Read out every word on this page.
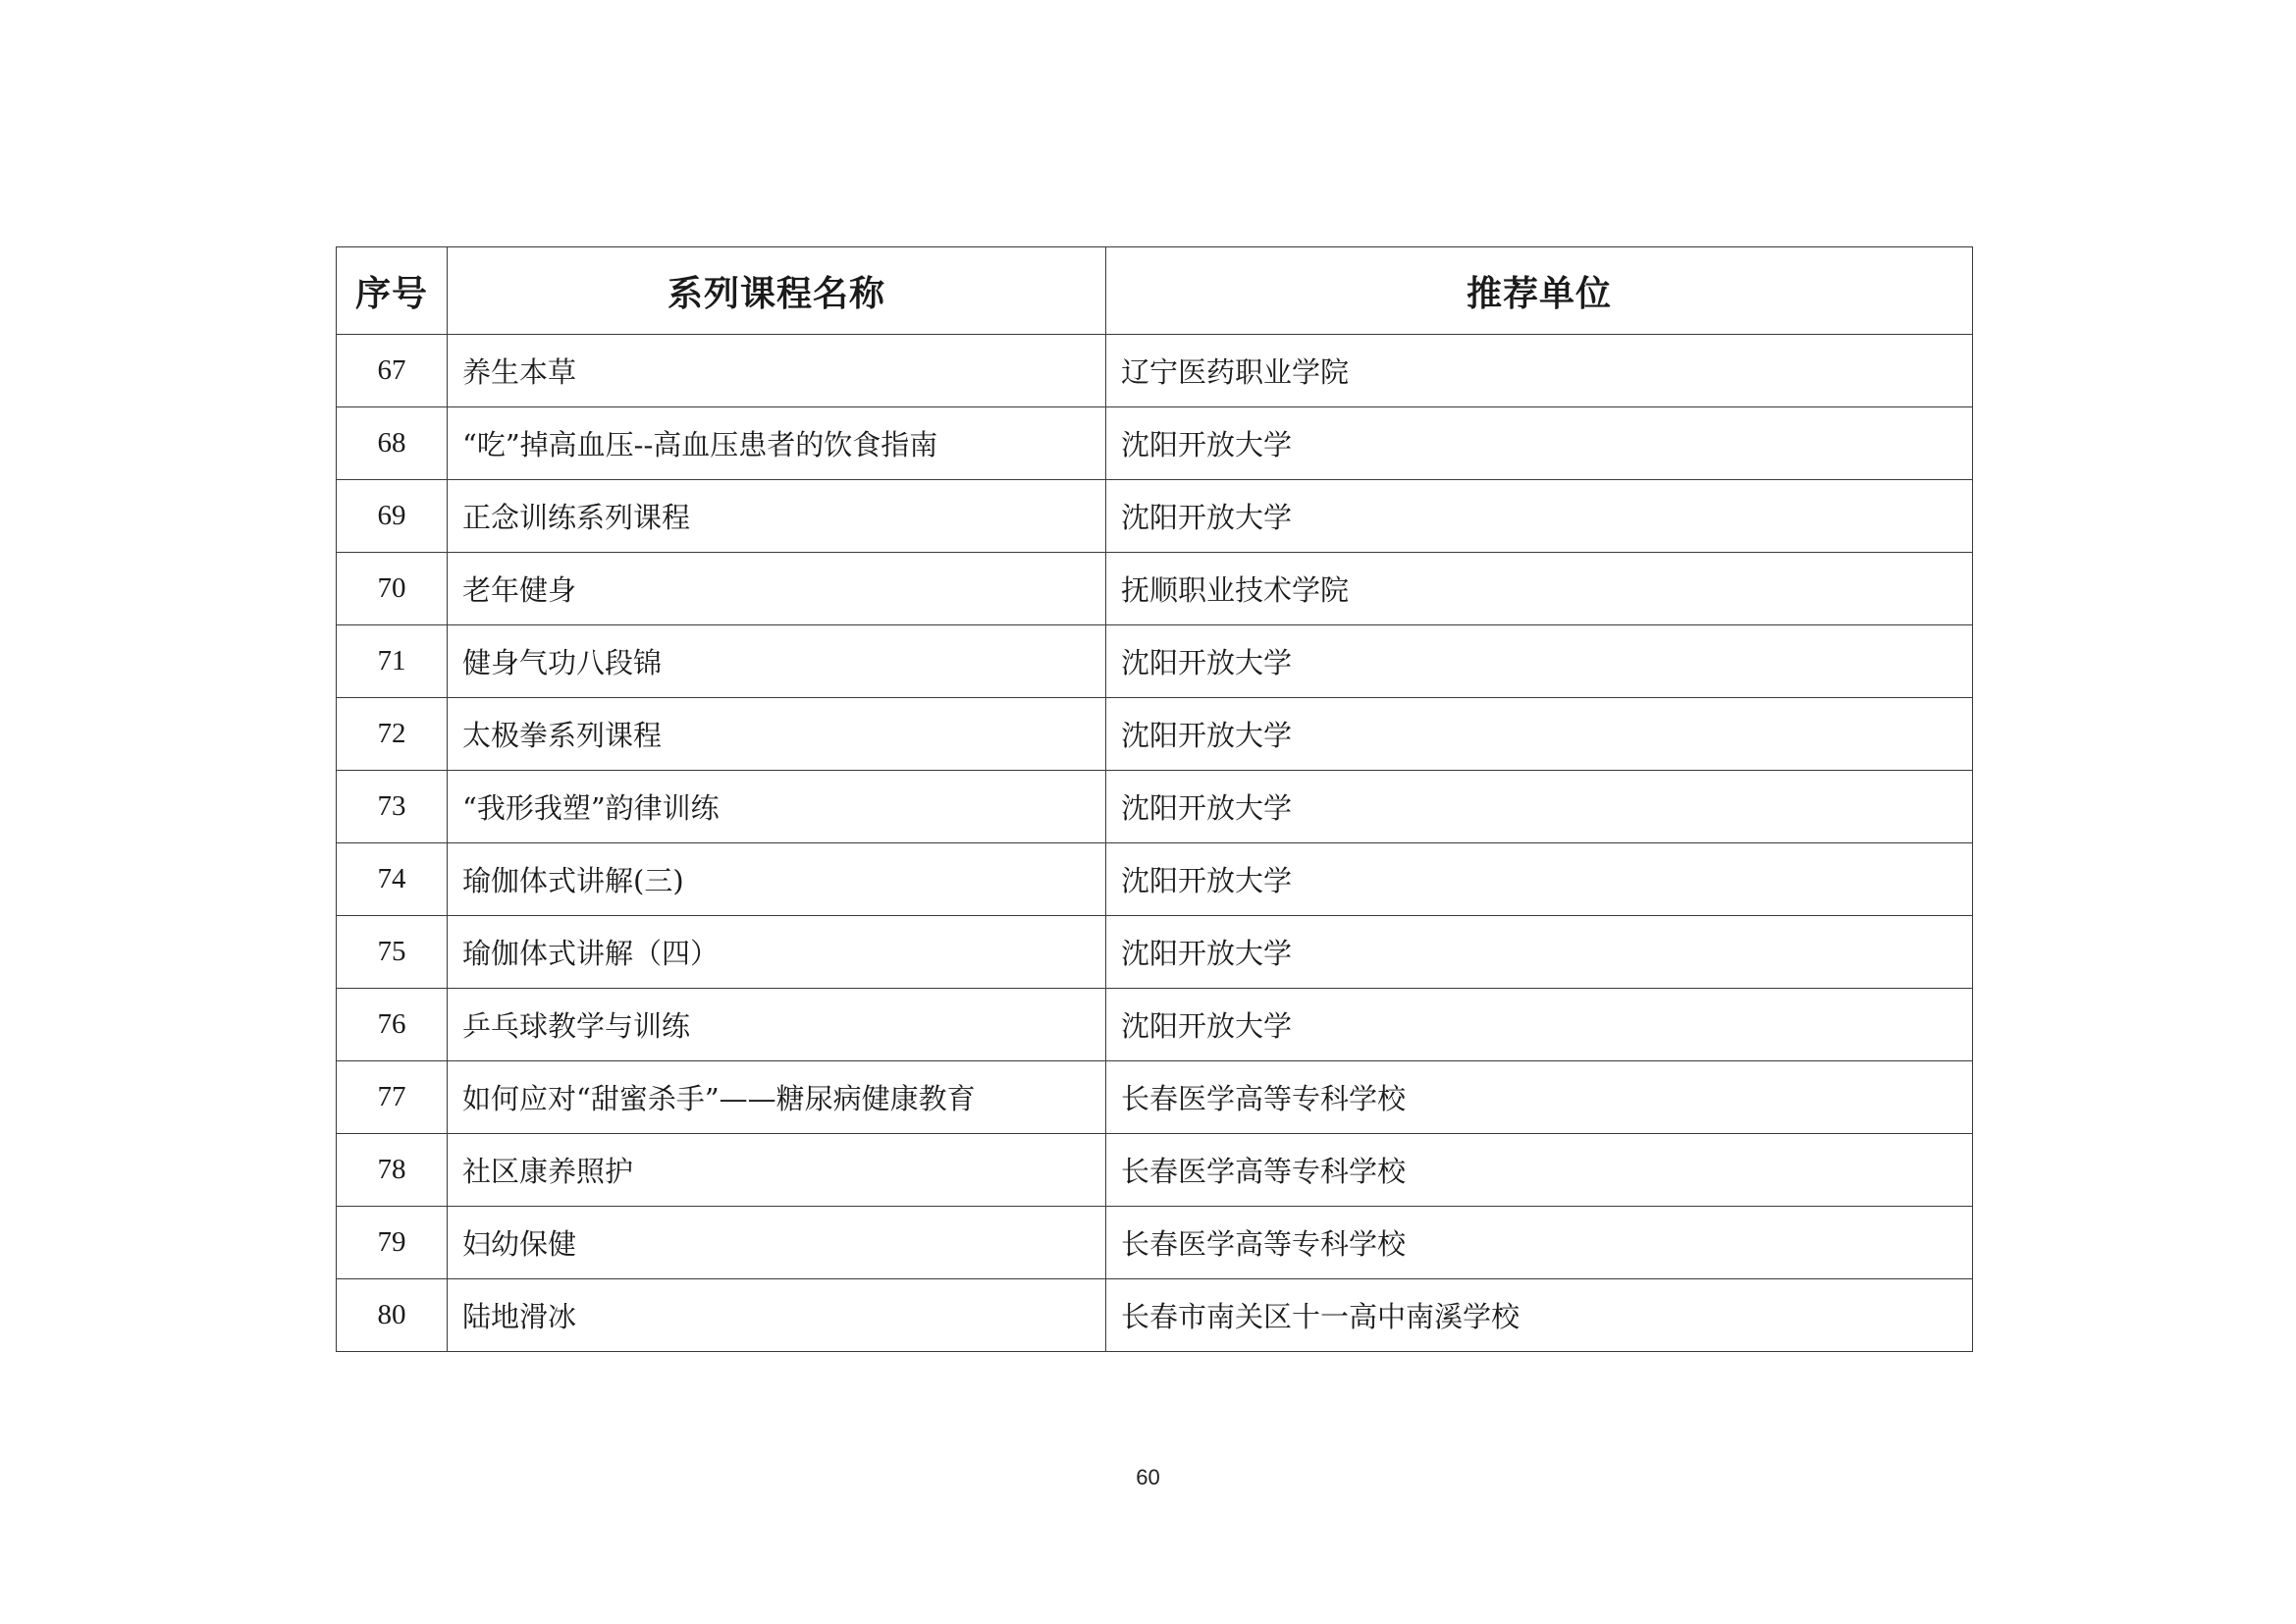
序号	系列课程名称	推荐单位
67	养生本草	辽宁医药职业学院
68	“吃”掉高血压--高血压患者的饮食指南	沈阳开放大学
69	正念训练系列课程	沈阳开放大学
70	老年健身	抚顺职业技术学院
71	健身气功八段锦	沈阳开放大学
72	太极拳系列课程	沈阳开放大学
73	“我形我塑”韵律训练	沈阳开放大学
74	瑜伽体式讲解(三)	沈阳开放大学
75	瑜伽体式讲解（四）	沈阳开放大学
76	乒乓球教学与训练	沈阳开放大学
77	如何应对“甜蜜杀手”——糖尿病健康教育	长春医学高等专科学校
78	社区康养照护	长春医学高等专科学校
79	妇幼保健	长春医学高等专科学校
80	陆地滑冰	长春市南关区十一高中南溪学校
60
